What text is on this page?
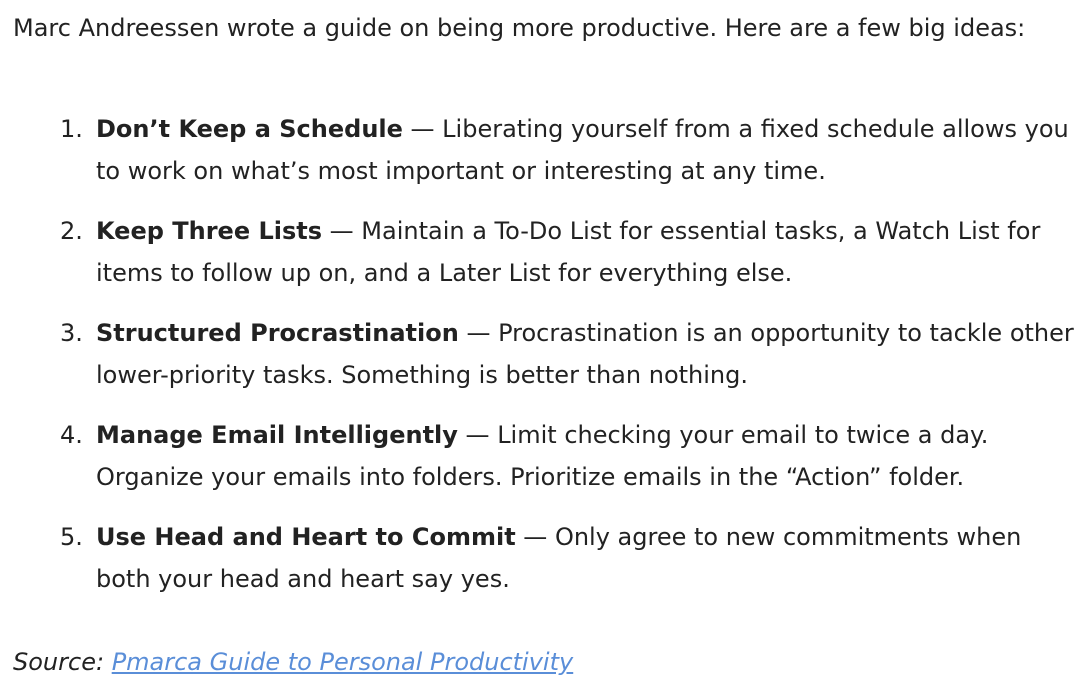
Marc Andreessen wrote a guide on being more productive. Here are a few big ideas:

1. Don’t Keep a Schedule — Liberating yourself from a fixed schedule allows you to work on what’s most important or interesting at any time.
2. Keep Three Lists — Maintain a To-Do List for essential tasks, a Watch List for items to follow up on, and a Later List for everything else.
3. Structured Procrastination — Procrastination is an opportunity to tackle other lower-priority tasks. Something is better than nothing.
4. Manage Email Intelligently — Limit checking your email to twice a day. Organize your emails into folders. Prioritize emails in the “Action” folder.
5. Use Head and Heart to Commit — Only agree to new commitments when both your head and heart say yes.

Source: Pmarca Guide to Personal Productivity
